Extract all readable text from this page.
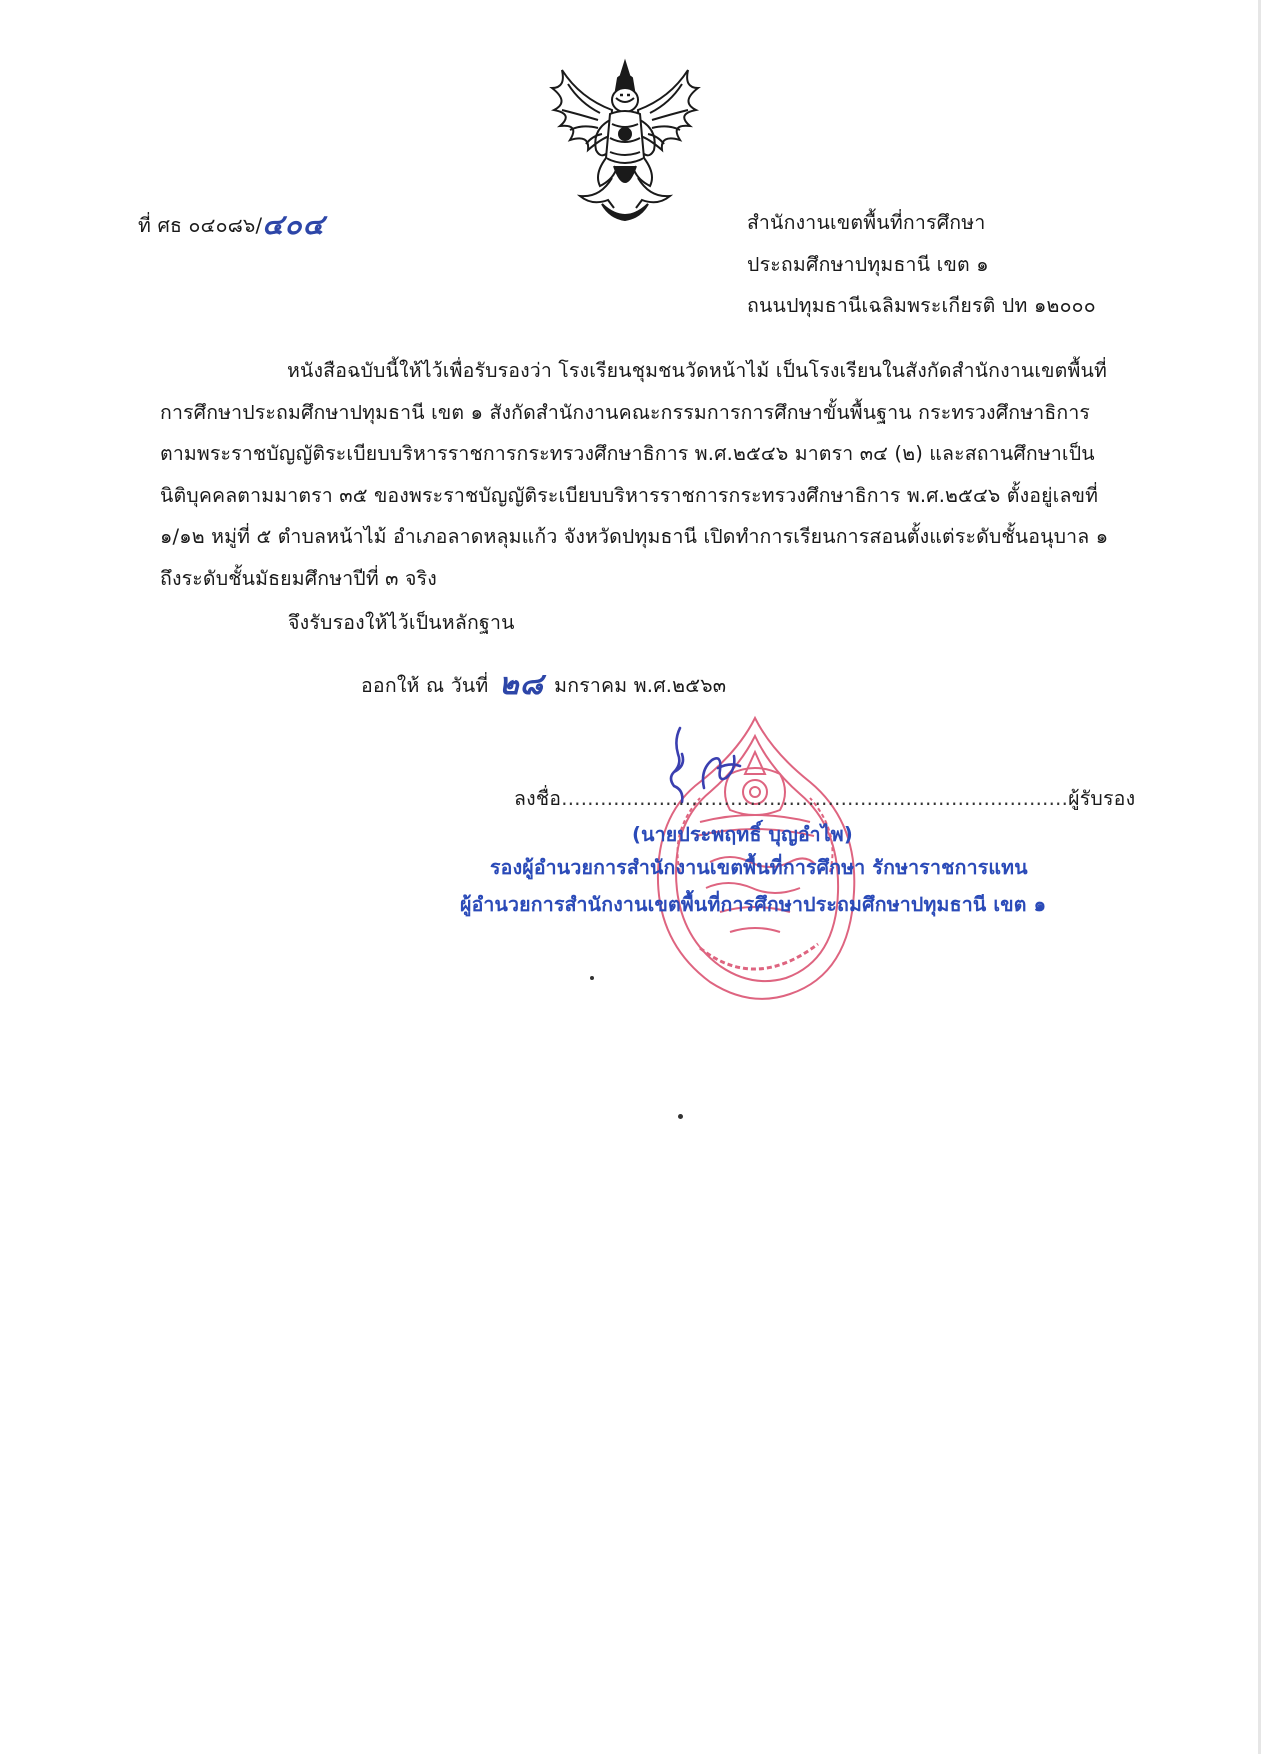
ที่ ศธ ๐๔๐๘๖/๔๐๔	สำนักงานเขตพื้นที่การศึกษา
ประถมศึกษาปทุมธานี เขต ๑
ถนนปทุมธานีเฉลิมพระเกียรติ ปท ๑๒๐๐๐
หนังสือฉบับนี้ให้ไว้เพื่อรับรองว่า โรงเรียนชุมชนวัดหน้าไม้ เป็นโรงเรียนในสังกัดสำนักงานเขตพื้นที่
การศึกษาประถมศึกษาปทุมธานี เขต ๑ สังกัดสำนักงานคณะกรรมการการศึกษาขั้นพื้นฐาน กระทรวงศึกษาธิการ
ตามพระราชบัญญัติระเบียบบริหารราชการกระทรวงศึกษาธิการ พ.ศ.๒๕๔๖ มาตรา ๓๔ (๒) และสถานศึกษาเป็น
นิติบุคคลตามมาตรา ๓๕ ของพระราชบัญญัติระเบียบบริหารราชการกระทรวงศึกษาธิการ พ.ศ.๒๕๔๖ ตั้งอยู่เลขที่
๑/๑๒ หมู่ที่ ๕ ตำบลหน้าไม้ อำเภอลาดหลุมแก้ว จังหวัดปทุมธานี เปิดทำการเรียนการสอนตั้งแต่ระดับชั้นอนุบาล ๑
ถึงระดับชั้นมัธยมศึกษาปีที่ ๓ จริง
จึงรับรองให้ไว้เป็นหลักฐาน
ออกให้ ณ วันที่ ๒๘ มกราคม พ.ศ.๒๕๖๓
ลงชื่อ..............................................................................ผู้รับรอง
(นายประพฤทธิ์ บุญอำไพ)
รองผู้อำนวยการสำนักงานเขตพื้นที่การศึกษา รักษาราชการแทน
ผู้อำนวยการสำนักงานเขตพื้นที่การศึกษาประถมศึกษาปทุมธานี เขต ๑
